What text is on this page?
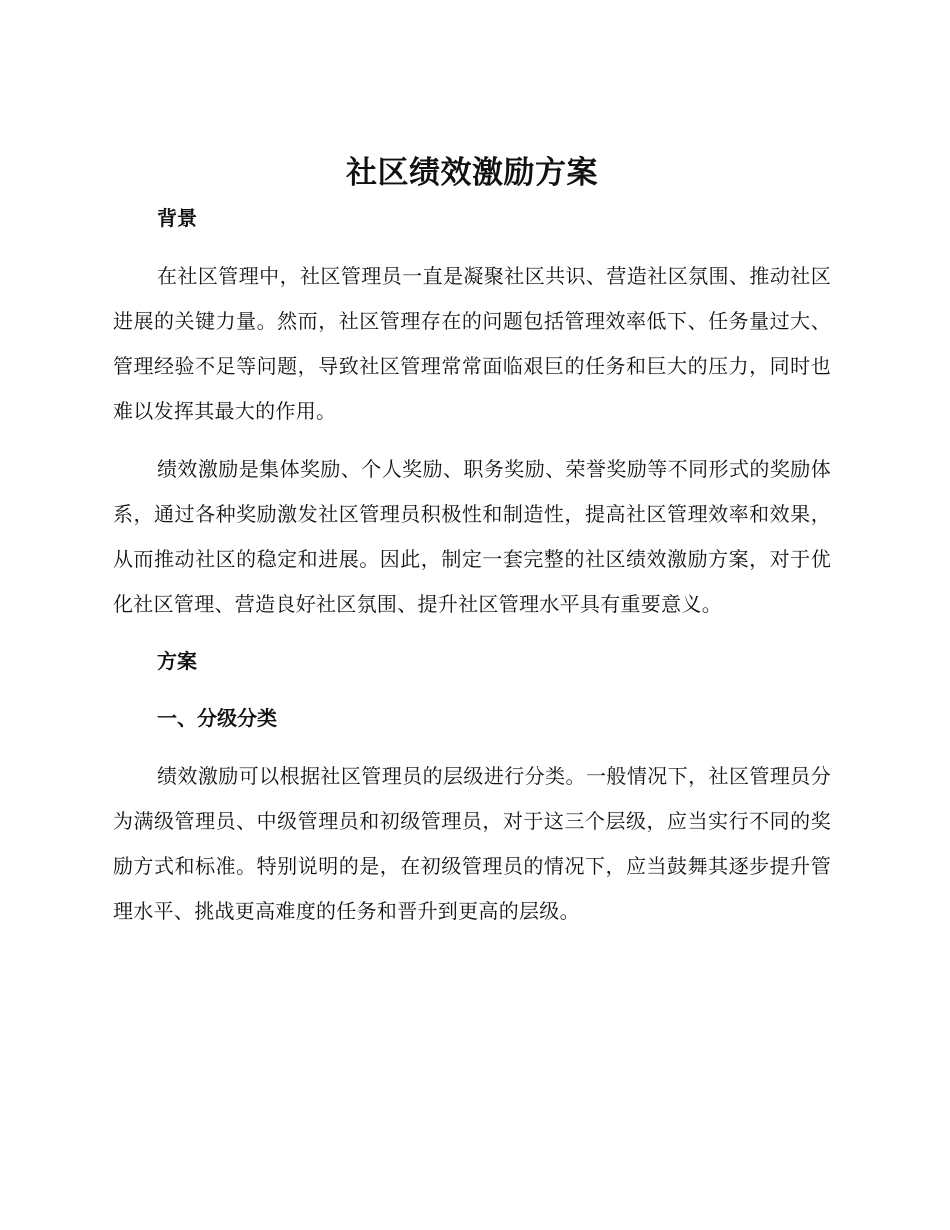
社区绩效激励方案
背景

在社区管理中，社区管理员一直是凝聚社区共识、营造社区氛围、推动社区进展的关键力量。然而，社区管理存在的问题包括管理效率低下、任务量过大、管理经验不足等问题，导致社区管理常常面临艰巨的任务和巨大的压力，同时也难以发挥其最大的作用。

绩效激励是集体奖励、个人奖励、职务奖励、荣誉奖励等不同形式的奖励体系，通过各种奖励激发社区管理员积极性和制造性，提高社区管理效率和效果，从而推动社区的稳定和进展。因此，制定一套完整的社区绩效激励方案，对于优化社区管理、营造良好社区氛围、提升社区管理水平具有重要意义。

方案
一、分级分类

绩效激励可以根据社区管理员的层级进行分类。一般情况下，社区管理员分为满级管理员、中级管理员和初级管理员，对于这三个层级，应当实行不同的奖励方式和标准。特别说明的是，在初级管理员的情况下，应当鼓舞其逐步提升管理水平、挑战更高难度的任务和晋升到更高的层级。
